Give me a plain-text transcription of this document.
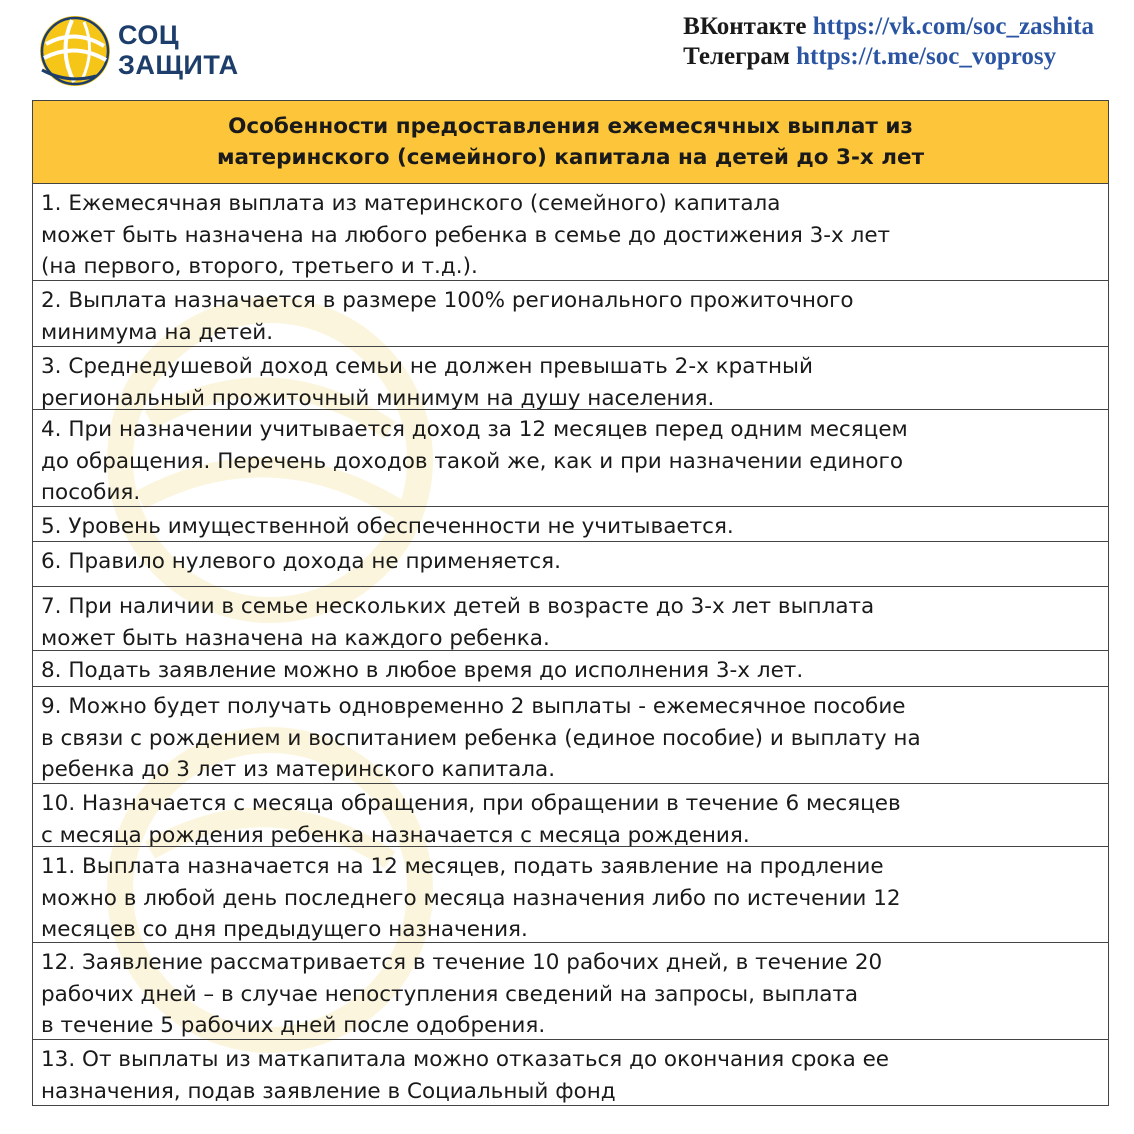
СОЦ
ЗАЩИТА
ВКонтакте https://vk.com/soc_zashita
Телеграм https://t.me/soc_voprosy
Особенности предоставления ежемесячных выплат из
материнского (семейного) капитала на детей до 3-х лет
1. Ежемесячная выплата из материнского (семейного) капитала
может быть назначена на любого ребенка в семье до достижения 3-х лет
(на первого, второго, третьего и т.д.).
2. Выплата назначается в размере 100% регионального прожиточного
минимума на детей.
3. Среднедушевой доход семьи не должен превышать 2-х кратный
региональный прожиточный минимум на душу населения.
4. При назначении учитывается доход за 12 месяцев перед одним месяцем
до обращения. Перечень доходов такой же, как и при назначении единого
пособия.
5. Уровень имущественной обеспеченности не учитывается.
6. Правило нулевого дохода не применяется.
7. При наличии в семье нескольких детей в возрасте до 3-х лет выплата
может быть назначена на каждого ребенка.
8. Подать заявление можно в любое время до исполнения 3-х лет.
9. Можно будет получать одновременно 2 выплаты - ежемесячное пособие
в связи с рождением и воспитанием ребенка (единое пособие) и выплату на
ребенка до 3 лет из материнского капитала.
10. Назначается с месяца обращения, при обращении в течение 6 месяцев
с месяца рождения ребенка назначается с месяца рождения.
11. Выплата назначается на 12 месяцев, подать заявление на продление
можно в любой день последнего месяца назначения либо по истечении 12
месяцев со дня предыдущего назначения.
12. Заявление рассматривается в течение 10 рабочих дней, в течение 20
рабочих дней – в случае непоступления сведений на запросы, выплата
в течение 5 рабочих дней после одобрения.
13. От выплаты из маткапитала можно отказаться до окончания срока ее
назначения, подав заявление в Социальный фонд
